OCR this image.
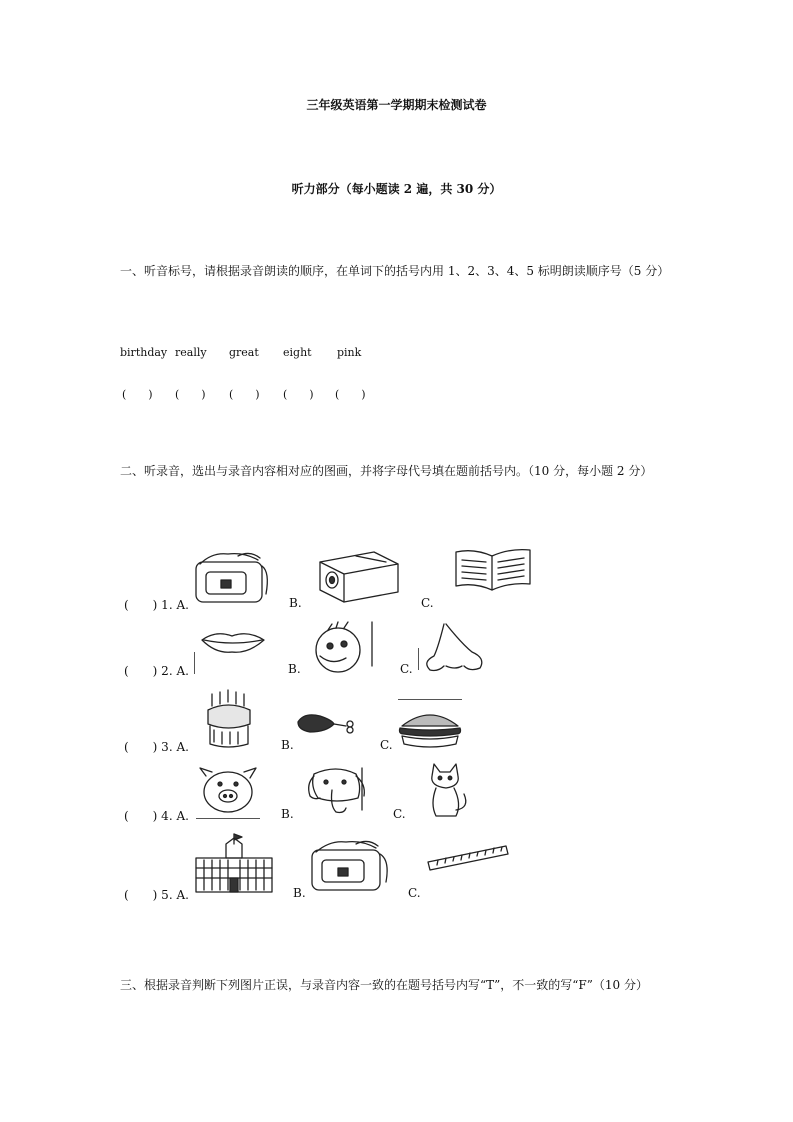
三年级英语第一学期期末检测试卷
听力部分（每小题读 2 遍，共 30 分）
一、听音标号，请根据录音朗读的顺序，在单词下的括号内用 1、2、3、4、5 标明朗读顺序号（5 分）
birthday really great eight pink
(　　) (　　) (　　) (　　) (　　)
二、听录音，选出与录音内容相对应的图画，并将字母代号填在题前括号内。（10 分，每小题 2 分）
(　　) 1. A.	B.	C.
(　　) 2. A.	B.	C.
(　　) 3. A.	B.	C.
(　　) 4. A.	B.	C.
(　　) 5. A.	B.	C.
三、根据录音判断下列图片正误，与录音内容一致的在题号括号内写“T”，不一致的写“F”（10 分）
